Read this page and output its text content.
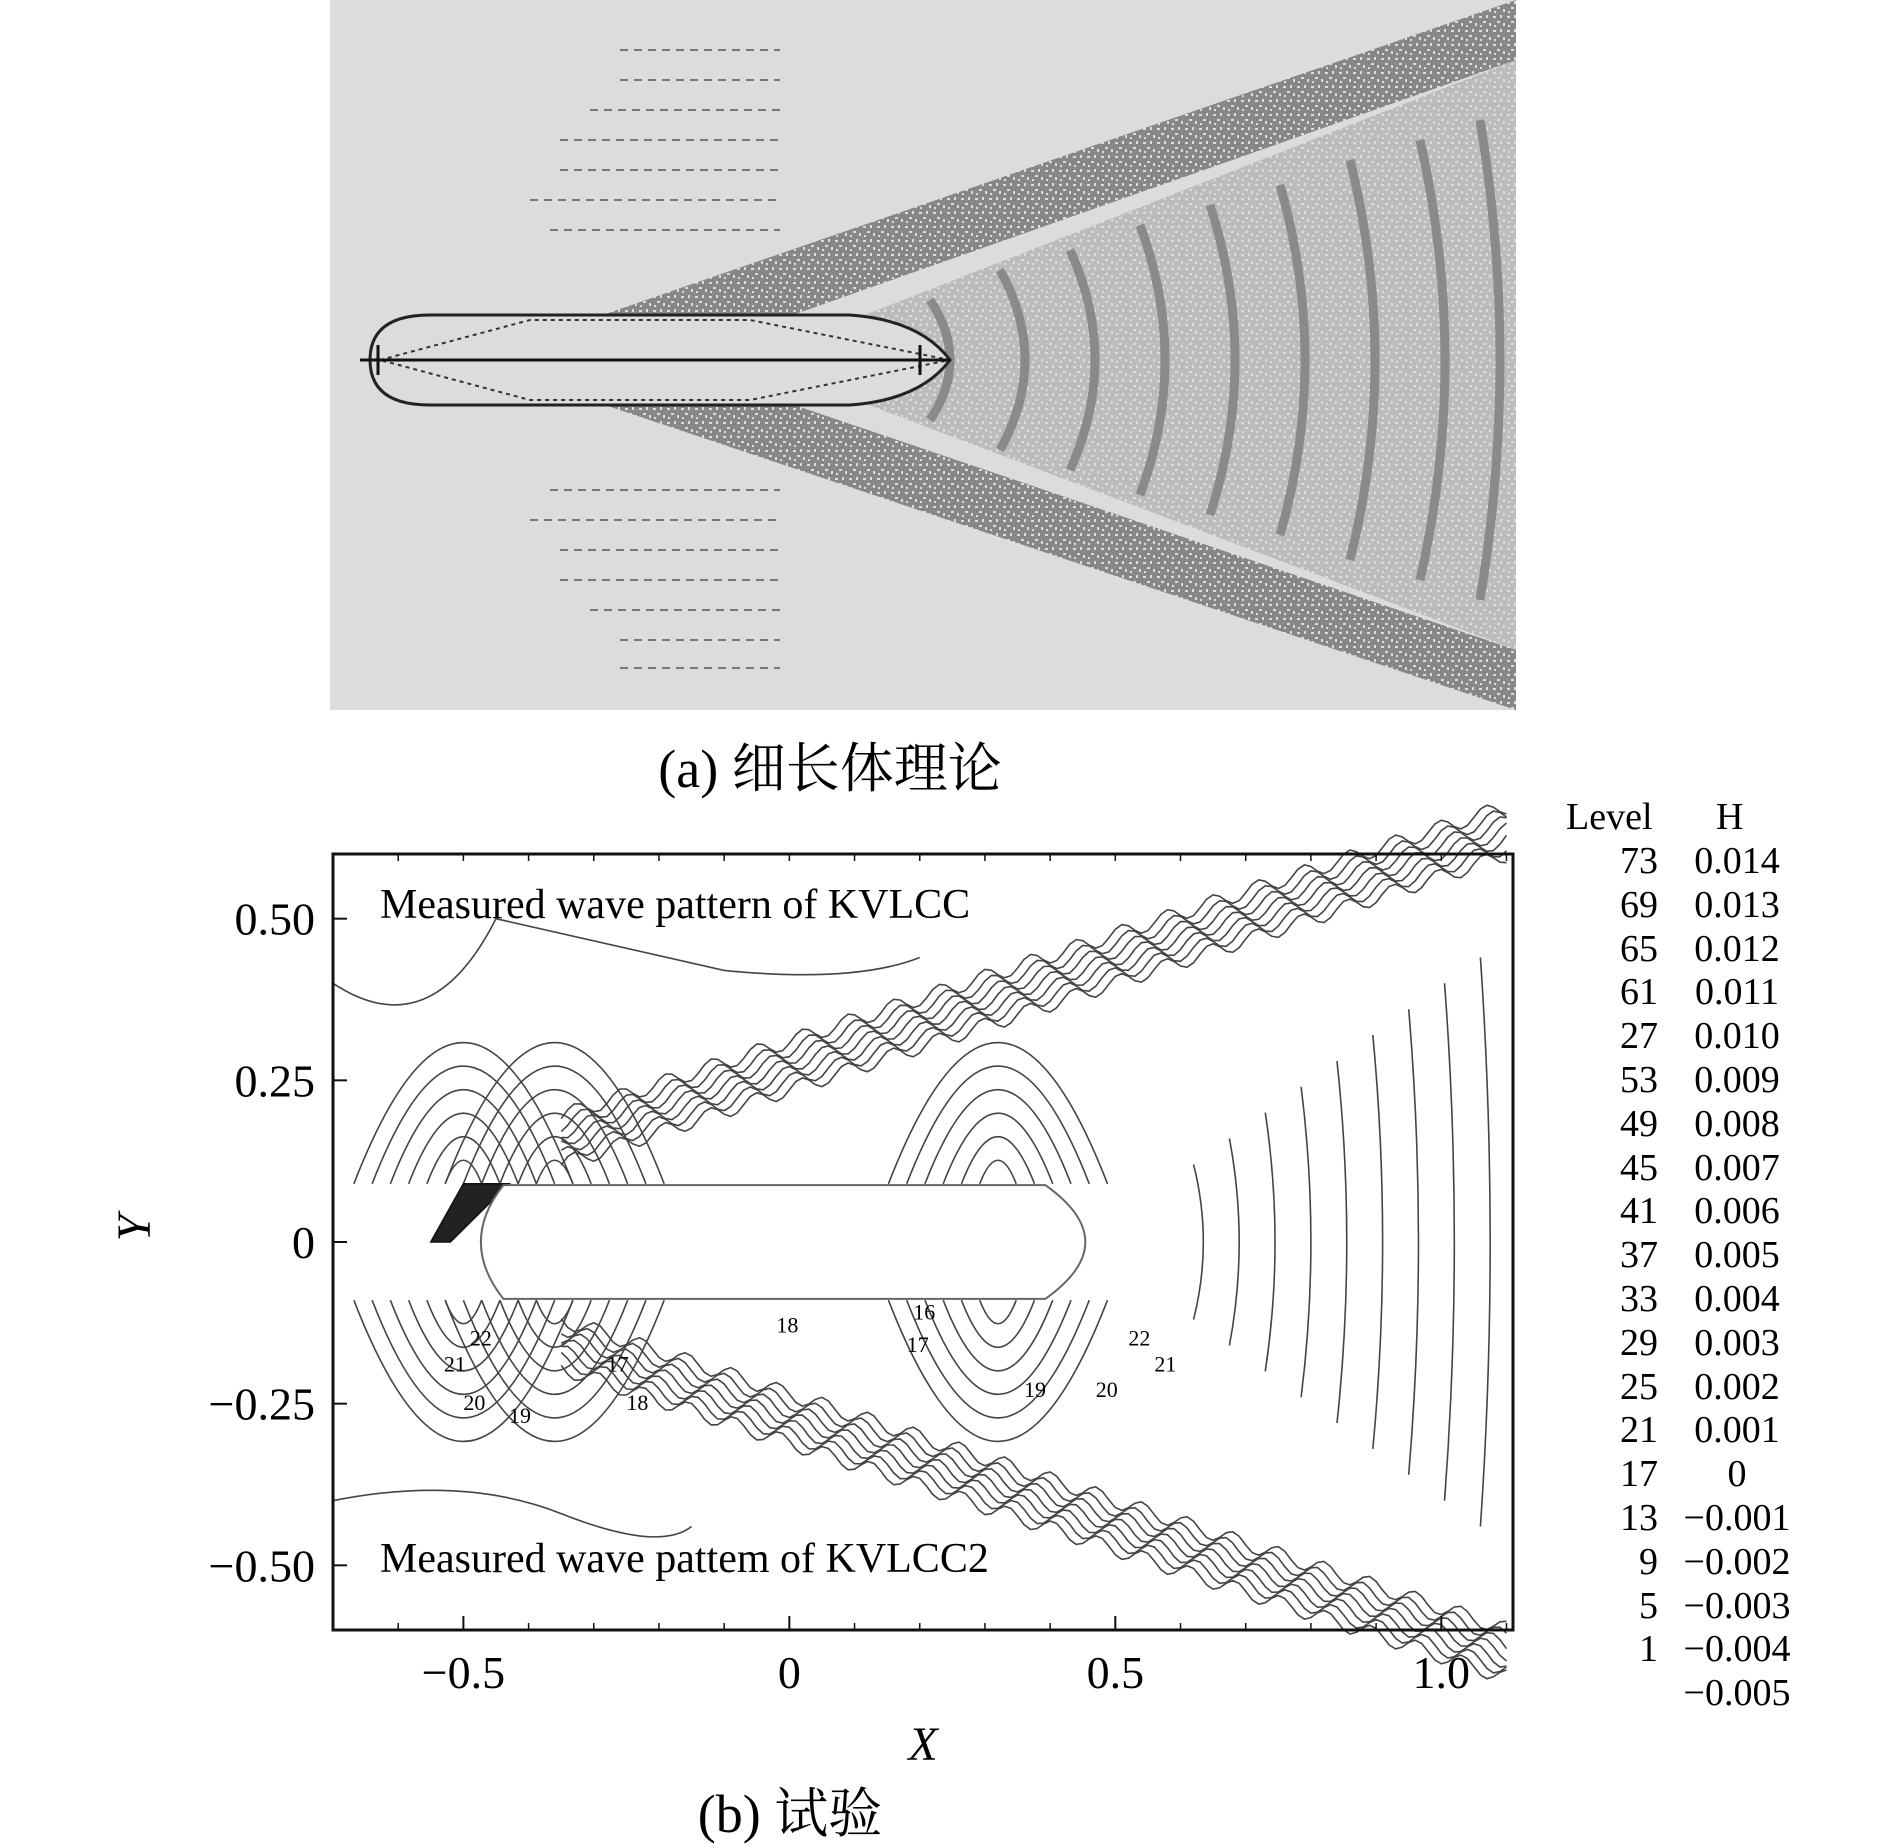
(a) 细长体理论
−0.5	0	0.5	1.0
0.50
0.25
0
−0.25
−0.50
Measured wave pattern of KVLCC
Measured wave pattem of KVLCC2
X
Y
22
21
20
19
17
18
18
16
17
19 20
22
21
(b) 试验
Level H
73 0.014
69 0.013
65 0.012
61 0.011
27 0.010
53 0.009
49 0.008
45 0.007
41 0.006
37 0.005
33 0.004
29 0.003
25 0.002
21 0.001
17	0
13 −0.001
9 −0.002
5 −0.003
1 −0.004
−0.005
